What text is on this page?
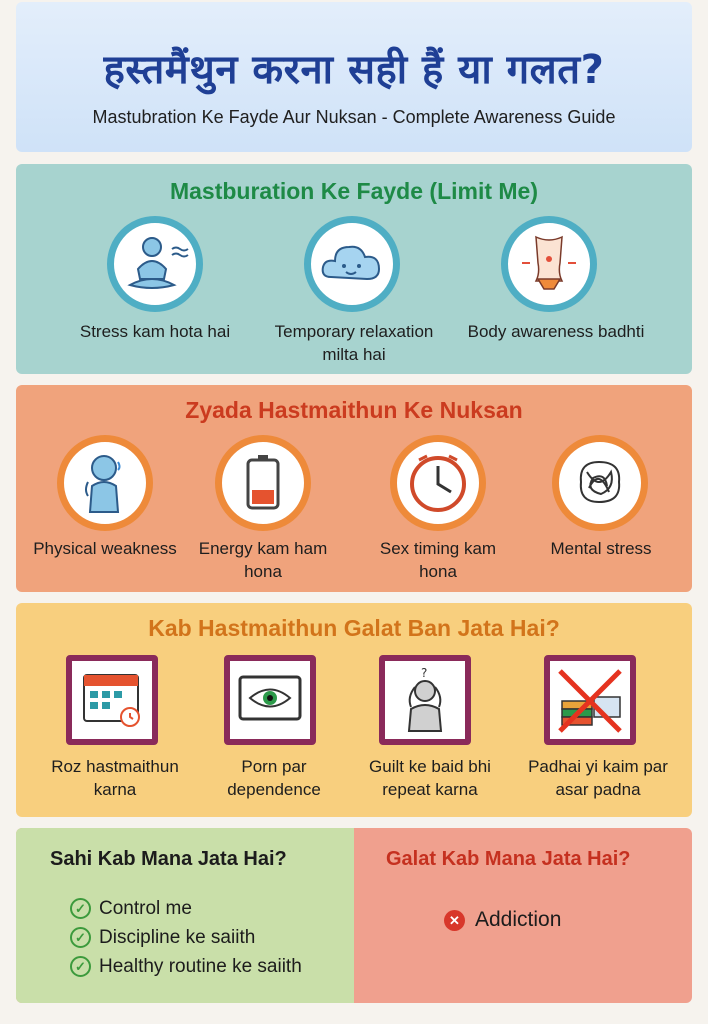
हस्तमैंथुन करना सही हैं या गलत?
Mastubration Ke Fayde Aur Nuksan - Complete Awareness Guide
Mastburation Ke Fayde (Limit Me)
Stress kam hota hai	Temporary relaxation milta hai
Body awareness badhti
Zyada Hastmaithun Ke Nuksan
Physical weakness	Energy kam ham hona
Sex timing kam hona
Mental stress
Kab Hastmaithun Galat Ban Jata Hai?
Roz hastmaithun karna
Porn par dependence
?
Guilt ke baid bhi repeat karna
Padhai yi kaim par asar padna
Sahi Kab Mana Jata Hai?
✓ Control me
✓ Discipline ke saiith
✓ Healthy routine ke saiith
Galat Kab Mana Jata Hai?
✕ Addiction
